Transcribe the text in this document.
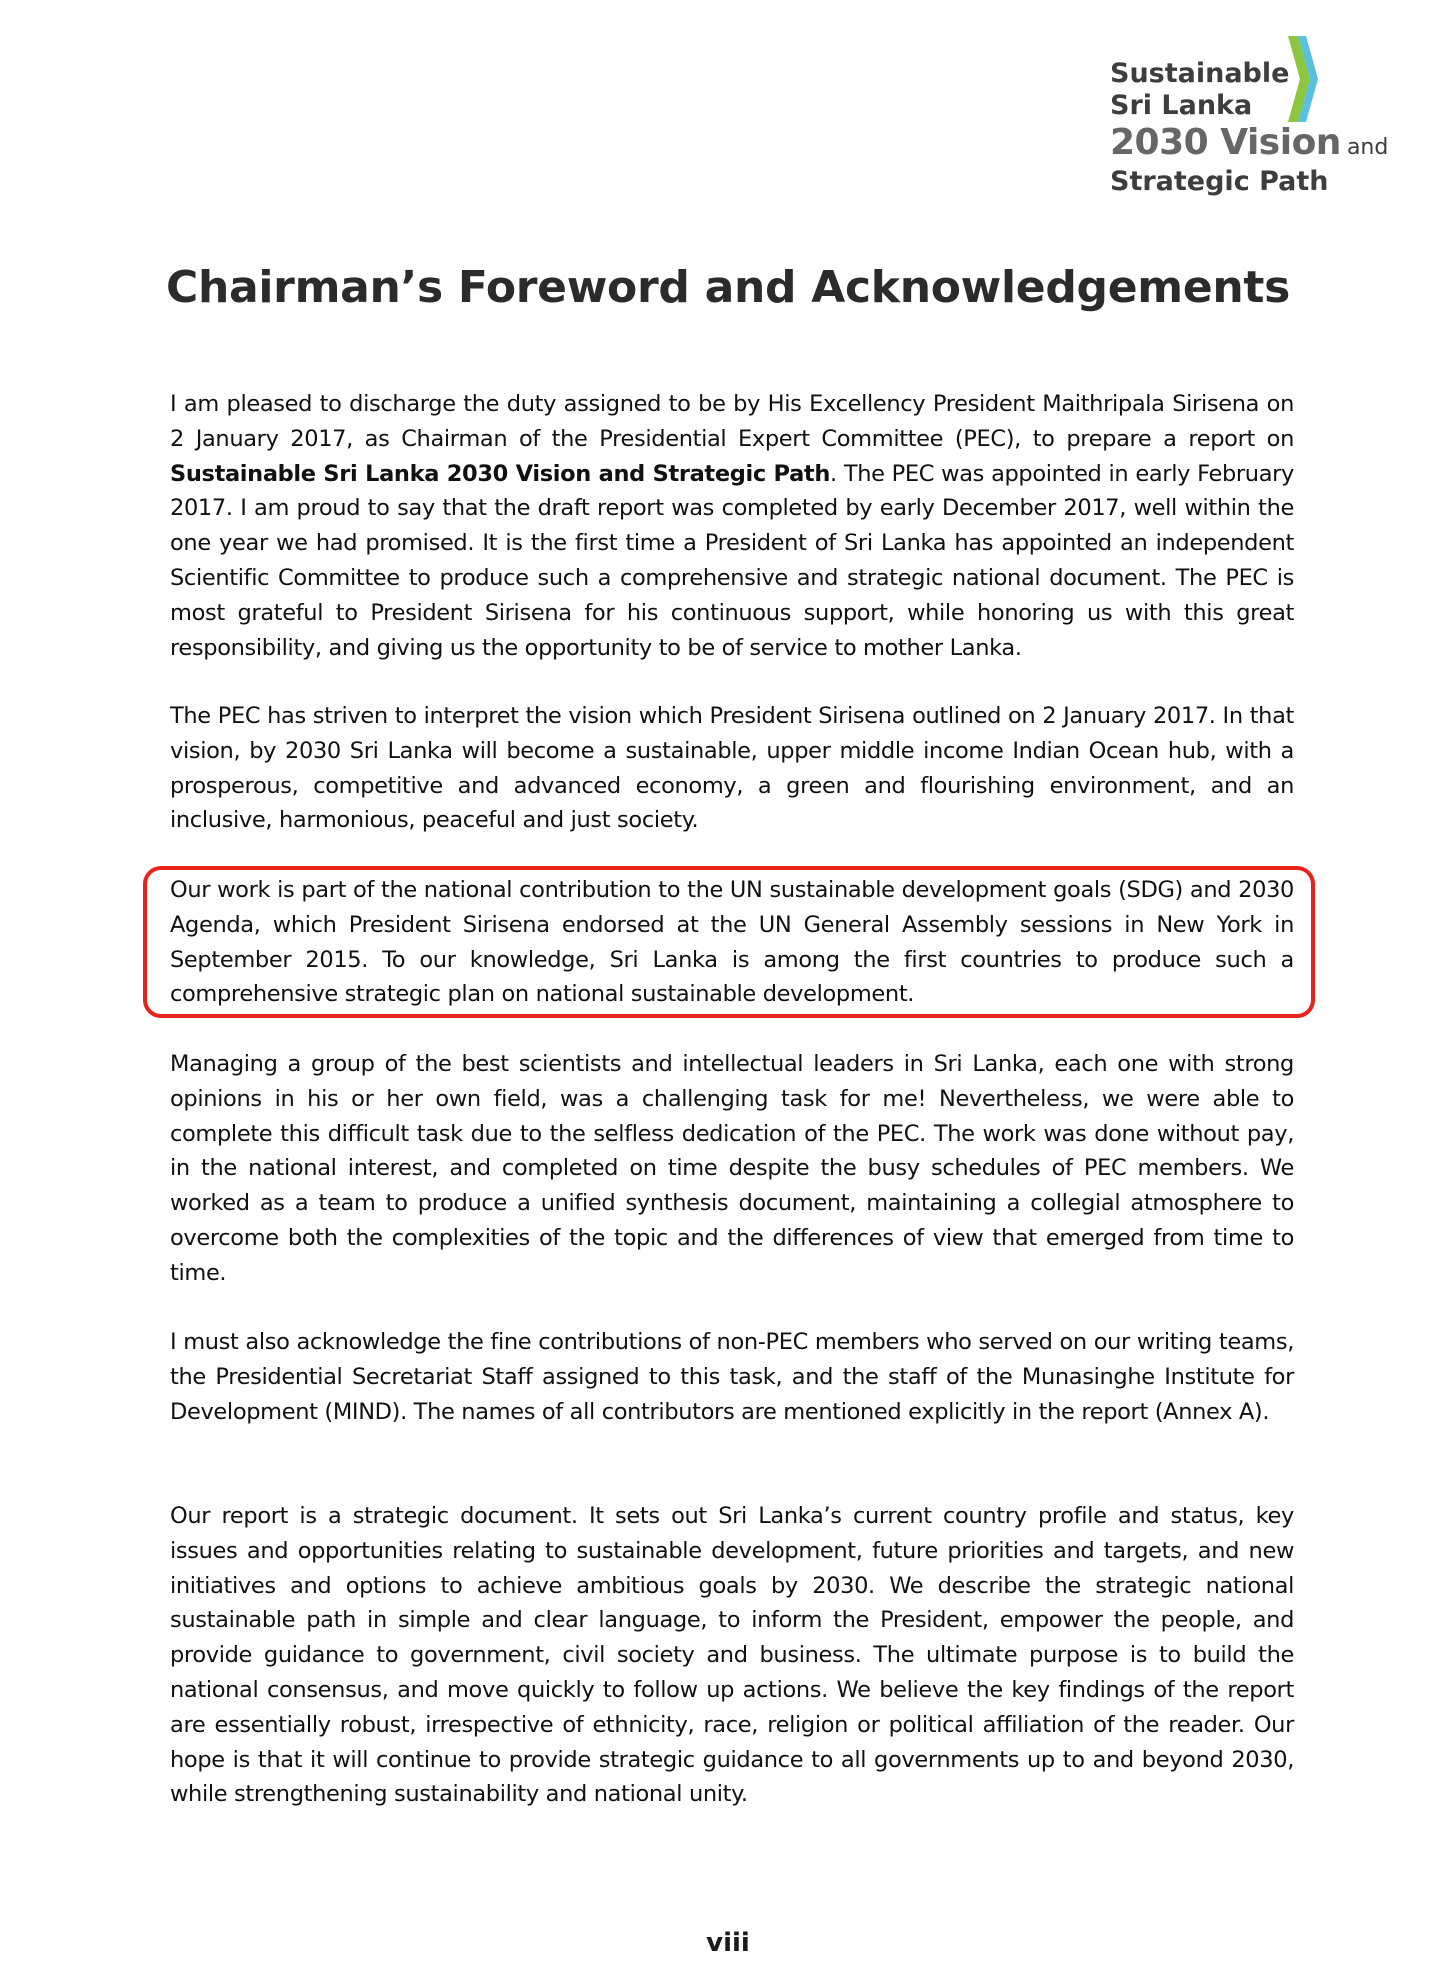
Sustainable
Sri Lanka
2030 Vision and
Strategic Path
Chairman’s Foreword and Acknowledgements

I am pleased to discharge the duty assigned to be by His Excellency President Maithripala Sirisena on 2 January 2017, as Chairman of the Presidential Expert Committee (PEC), to prepare a report on Sustainable Sri Lanka 2030 Vision and Strategic Path. The PEC was appointed in early February 2017. I am proud to say that the draft report was completed by early December 2017, well within the one year we had promised. It is the first time a President of Sri Lanka has appointed an independent Scientific Committee to produce such a comprehensive and strategic national document. The PEC is most grateful to President Sirisena for his continuous support, while honoring us with this great responsibility, and giving us the opportunity to be of service to mother Lanka.

The PEC has striven to interpret the vision which President Sirisena outlined on 2 January 2017. In that vision, by 2030 Sri Lanka will become a sustainable, upper middle income Indian Ocean hub, with a prosperous, competitive and advanced economy, a green and flourishing environment, and an inclusive, harmonious, peaceful and just society.

Our work is part of the national contribution to the UN sustainable development goals (SDG) and 2030 Agenda, which President Sirisena endorsed at the UN General Assembly sessions in New York in September 2015. To our knowledge, Sri Lanka is among the first countries to produce such a comprehensive strategic plan on national sustainable development.

Managing a group of the best scientists and intellectual leaders in Sri Lanka, each one with strong opinions in his or her own field, was a challenging task for me! Nevertheless, we were able to complete this difficult task due to the selfless dedication of the PEC. The work was done without pay, in the national interest, and completed on time despite the busy schedules of PEC members. We worked as a team to produce a unified synthesis document, maintaining a collegial atmosphere to overcome both the complexities of the topic and the differences of view that emerged from time to time.

I must also acknowledge the fine contributions of non-PEC members who served on our writing teams, the Presidential Secretariat Staff assigned to this task, and the staff of the Munasinghe Institute for Development (MIND). The names of all contributors are mentioned explicitly in the report (Annex A).

Our report is a strategic document. It sets out Sri Lanka’s current country profile and status, key issues and opportunities relating to sustainable development, future priorities and targets, and new initiatives and options to achieve ambitious goals by 2030. We describe the strategic national sustainable path in simple and clear language, to inform the President, empower the people, and provide guidance to government, civil society and business. The ultimate purpose is to build the national consensus, and move quickly to follow up actions. We believe the key findings of the report are essentially robust, irrespective of ethnicity, race, religion or political affiliation of the reader. Our hope is that it will continue to provide strategic guidance to all governments up to and beyond 2030, while strengthening sustainability and national unity.

viii
